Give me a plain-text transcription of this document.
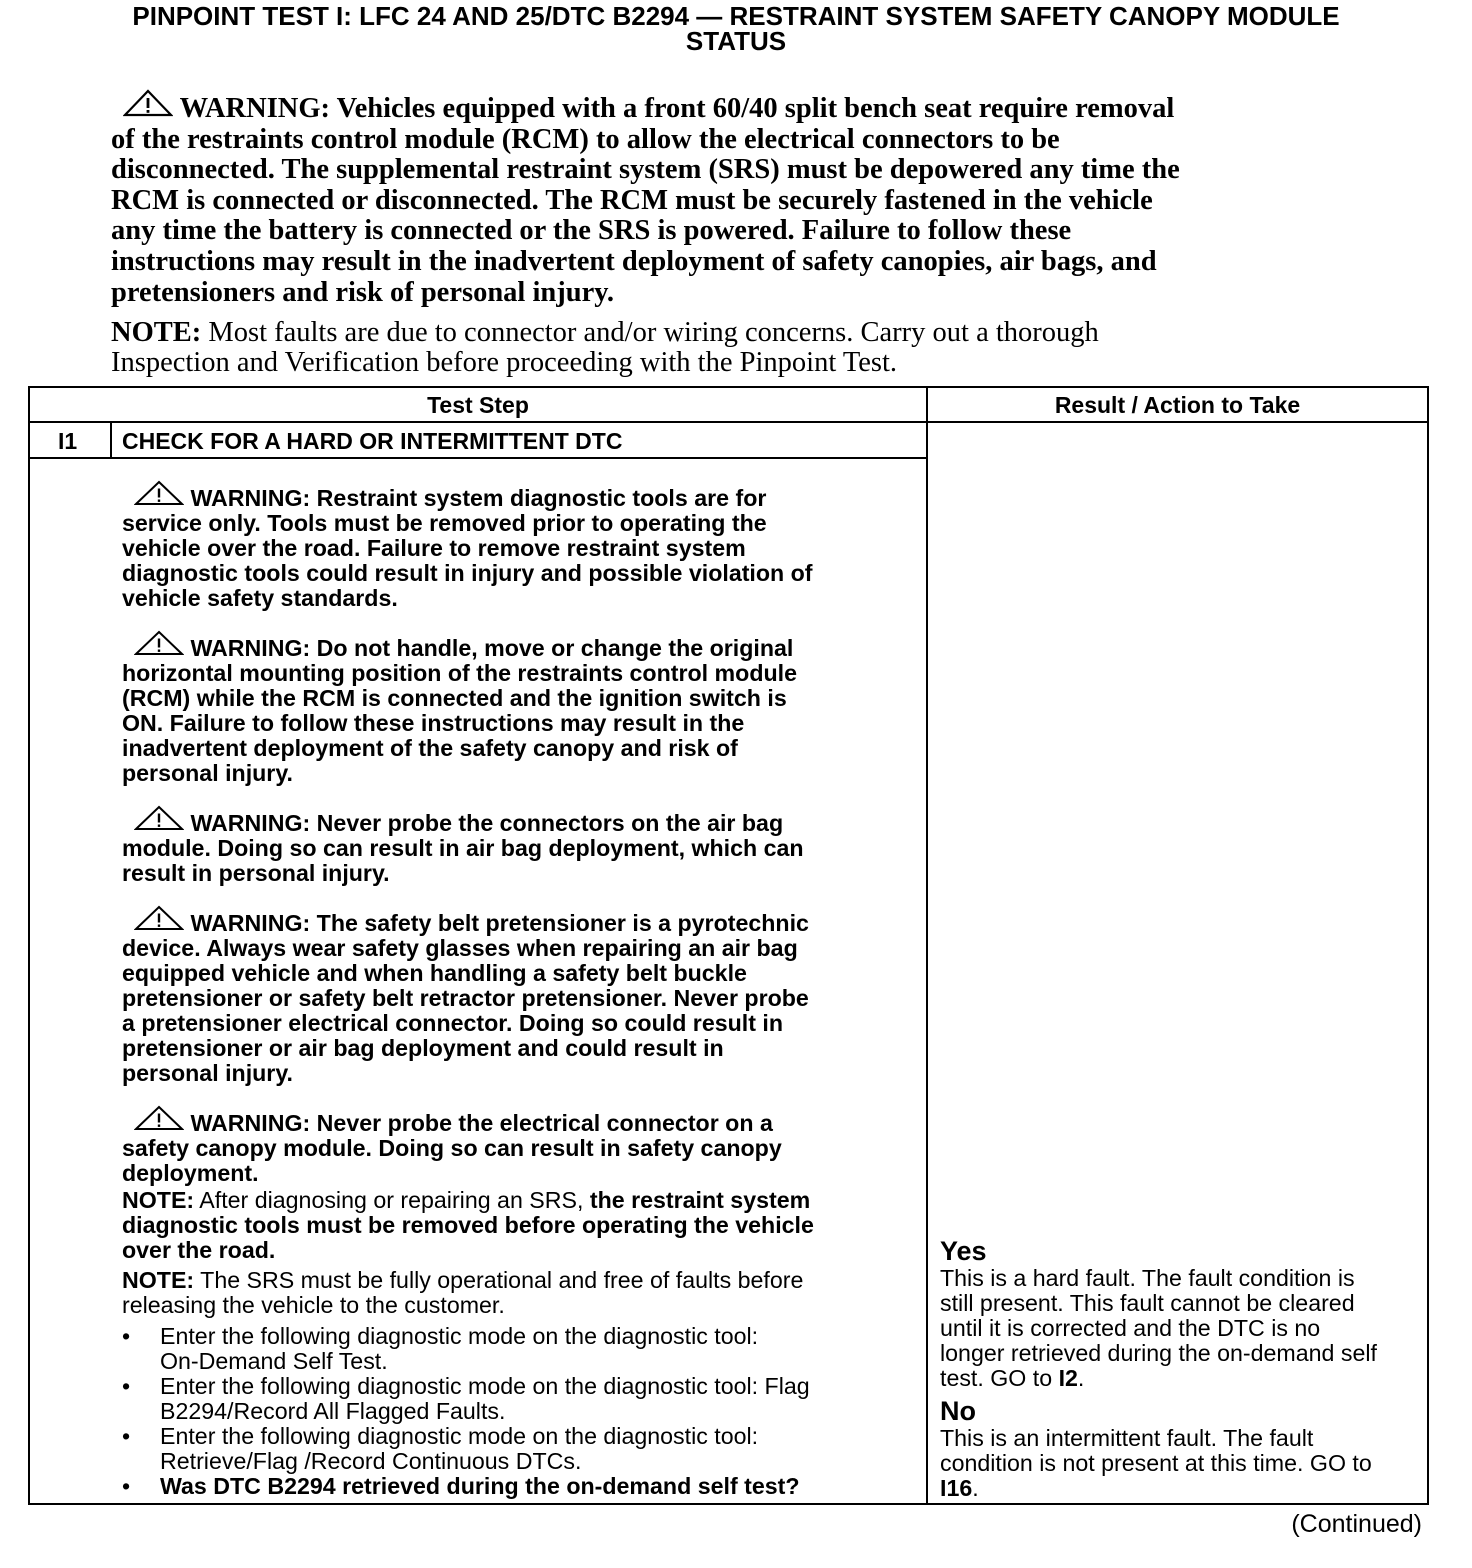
PINPOINT TEST I: LFC 24 AND 25/DTC B2294 — RESTRAINT SYSTEM SAFETY CANOPY MODULE
STATUS
WARNING: Vehicles equipped with a front 60/40 split bench seat require removal
of the restraints control module (RCM) to allow the electrical connectors to be
disconnected. The supplemental restraint system (SRS) must be depowered any time the
RCM is connected or disconnected. The RCM must be securely fastened in the vehicle
any time the battery is connected or the SRS is powered. Failure to follow these
instructions may result in the inadvertent deployment of safety canopies, air bags, and
pretensioners and risk of personal injury.
NOTE: Most faults are due to connector and/or wiring concerns. Carry out a thorough
Inspection and Verification before proceeding with the Pinpoint Test.
Test Step	Result / Action to Take
I1 CHECK FOR A HARD OR INTERMITTENT DTC
WARNING: Restraint system diagnostic tools are for
service only. Tools must be removed prior to operating the
vehicle over the road. Failure to remove restraint system
diagnostic tools could result in injury and possible violation of
vehicle safety standards.
WARNING: Do not handle, move or change the original
horizontal mounting position of the restraints control module
(RCM) while the RCM is connected and the ignition switch is
ON. Failure to follow these instructions may result in the
inadvertent deployment of the safety canopy and risk of
personal injury.
WARNING: Never probe the connectors on the air bag
module. Doing so can result in air bag deployment, which can
result in personal injury.
WARNING: The safety belt pretensioner is a pyrotechnic
device. Always wear safety glasses when repairing an air bag
equipped vehicle and when handling a safety belt buckle
pretensioner or safety belt retractor pretensioner. Never probe
a pretensioner electrical connector. Doing so could result in
pretensioner or air bag deployment and could result in
personal injury.
WARNING: Never probe the electrical connector on a
safety canopy module. Doing so can result in safety canopy
deployment.
NOTE: After diagnosing or repairing an SRS, the restraint system
diagnostic tools must be removed before operating the vehicle
over the road.
NOTE: The SRS must be fully operational and free of faults before
releasing the vehicle to the customer.
•	Enter the following diagnostic mode on the diagnostic tool:
On-Demand Self Test.
•	Enter the following diagnostic mode on the diagnostic tool: Flag
B2294/Record All Flagged Faults.
•	Enter the following diagnostic mode on the diagnostic tool:
Retrieve/Flag /Record Continuous DTCs.
•	Was DTC B2294 retrieved during the on-demand self test?
Yes
This is a hard fault. The fault condition is
still present. This fault cannot be cleared
until it is corrected and the DTC is no
longer retrieved during the on-demand self
test. GO to I2.
No
This is an intermittent fault. The fault
condition is not present at this time. GO to
I16.
(Continued)
